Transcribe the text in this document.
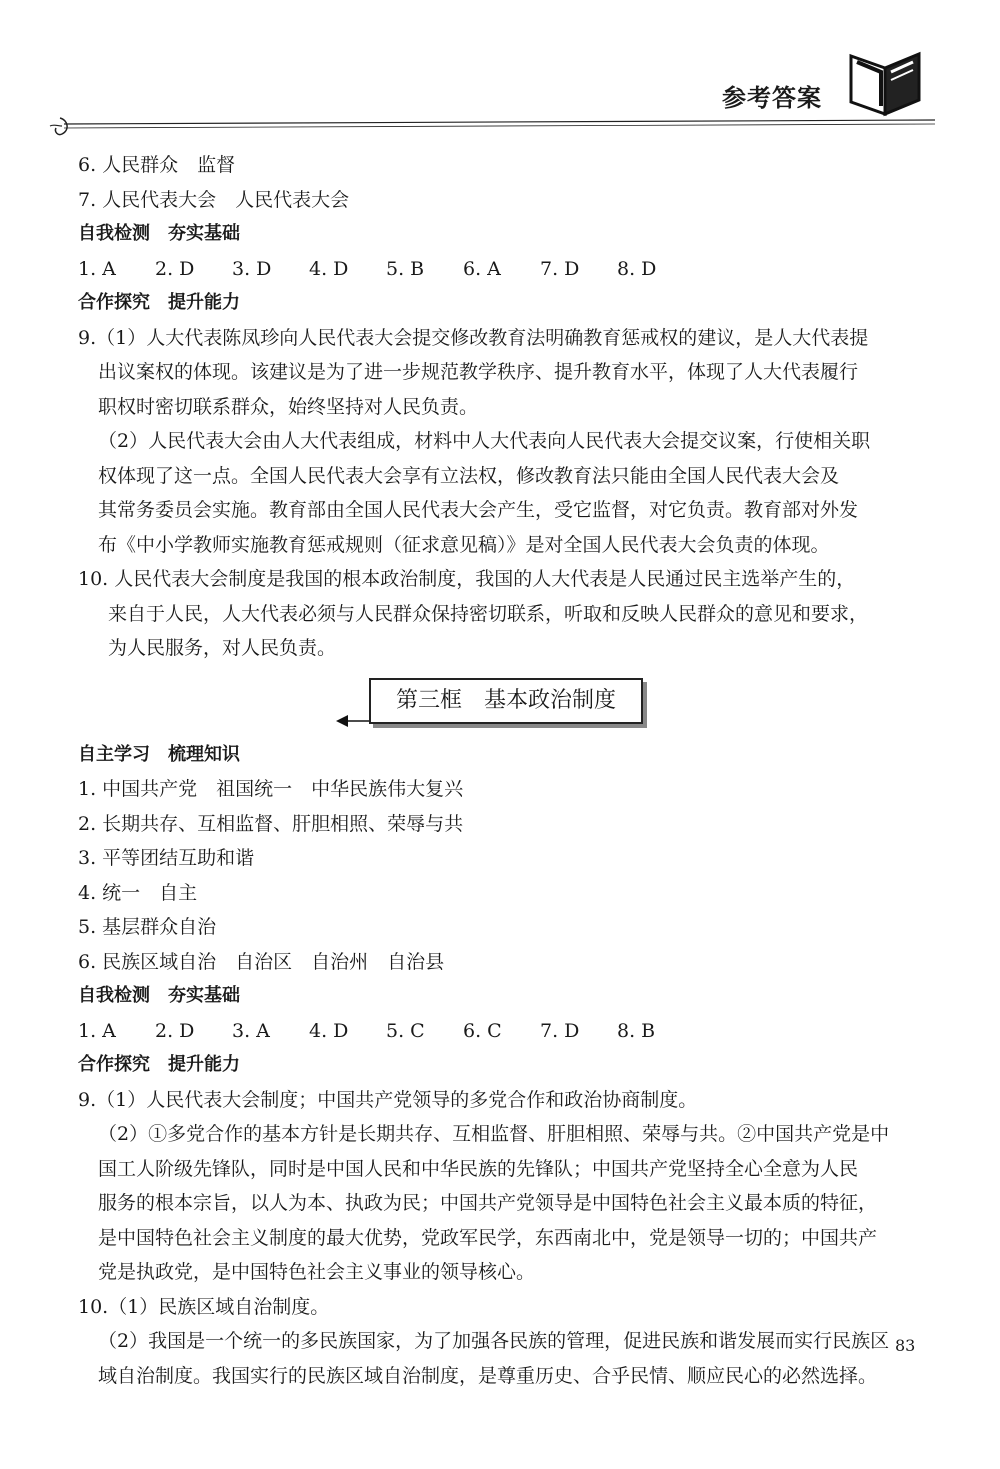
参考答案
6. 人民群众　监督
7. 人民代表大会　人民代表大会
自我检测 夯实基础
1. A 2. D 3. D 4. D 5. B 6. A 7. D 8. D
合作探究 提升能力
9.（1）人大代表陈凤珍向人民代表大会提交修改教育法明确教育惩戒权的建议，是人大代表提
出议案权的体现。该建议是为了进一步规范教学秩序、提升教育水平，体现了人大代表履行
职权时密切联系群众，始终坚持对人民负责。
（2）人民代表大会由人大代表组成，材料中人大代表向人民代表大会提交议案，行使相关职
权体现了这一点。全国人民代表大会享有立法权，修改教育法只能由全国人民代表大会及
其常务委员会实施。教育部由全国人民代表大会产生，受它监督，对它负责。教育部对外发
布《中小学教师实施教育惩戒规则（征求意见稿）》是对全国人民代表大会负责的体现。
10. 人民代表大会制度是我国的根本政治制度，我国的人大代表是人民通过民主选举产生的，
来自于人民，人大代表必须与人民群众保持密切联系，听取和反映人民群众的意见和要求，
为人民服务，对人民负责。
第三框　基本政治制度
自主学习 梳理知识
1. 中国共产党　祖国统一　中华民族伟大复兴
2. 长期共存、互相监督、肝胆相照、荣辱与共
3. 平等团结互助和谐
4. 统一　自主
5. 基层群众自治
6. 民族区域自治　自治区　自治州　自治县
自我检测 夯实基础
1. A 2. D 3. A 4. D 5. C 6. C 7. D 8. B
合作探究 提升能力
9.（1）人民代表大会制度；中国共产党领导的多党合作和政治协商制度。
（2）①多党合作的基本方针是长期共存、互相监督、肝胆相照、荣辱与共。②中国共产党是中
国工人阶级先锋队，同时是中国人民和中华民族的先锋队；中国共产党坚持全心全意为人民
服务的根本宗旨，以人为本、执政为民；中国共产党领导是中国特色社会主义最本质的特征，
是中国特色社会主义制度的最大优势，党政军民学，东西南北中，党是领导一切的；中国共产
党是执政党，是中国特色社会主义事业的领导核心。
10.（1）民族区域自治制度。
（2）我国是一个统一的多民族国家，为了加强各民族的管理，促进民族和谐发展而实行民族区
域自治制度。我国实行的民族区域自治制度，是尊重历史、合乎民情、顺应民心的必然选择。
83
